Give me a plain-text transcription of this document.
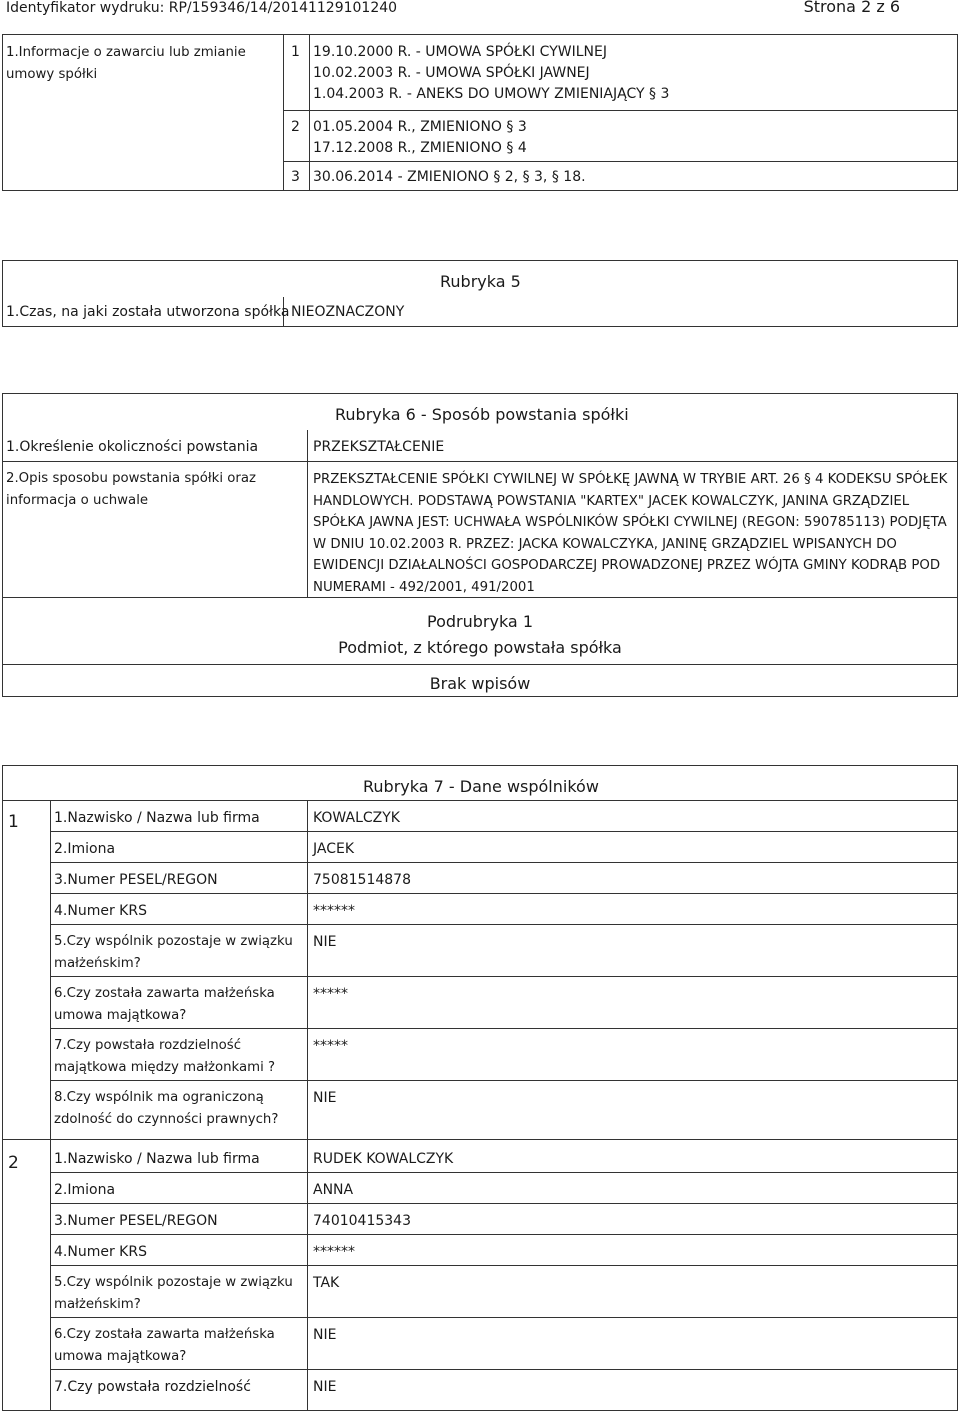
Identyfikator wydruku: RP/159346/14/20141129101240	Strona 2 z 6
1.Informacje o zawarciu lub zmianie umowy spółki
1 19.10.2000 R. - UMOWA SPÓŁKI CYWILNEJ
10.02.2003 R. - UMOWA SPÓŁKI JAWNEJ
1.04.2003 R. - ANEKS DO UMOWY ZMIENIAJĄCY § 3
2 01.05.2004 R., ZMIENIONO § 3
17.12.2008 R., ZMIENIONO § 4
3 30.06.2014 - ZMIENIONO § 2, § 3, § 18.
Rubryka 5
1.Czas, na jaki została utworzona spółka NIEOZNACZONY
Rubryka 6 - Sposób powstania spółki
1.Określenie okoliczności powstania	PRZEKSZTAŁCENIE
2.Opis sposobu powstania spółki oraz informacja o uchwale
PRZEKSZTAŁCENIE SPÓŁKI CYWILNEJ W SPÓŁKĘ JAWNĄ W TRYBIE ART. 26 § 4 KODEKSU SPÓŁEK HANDLOWYCH. PODSTAWĄ POWSTANIA "KARTEX" JACEK KOWALCZYK, JANINA GRZĄDZIEL SPÓŁKA JAWNA JEST: UCHWAŁA WSPÓLNIKÓW SPÓŁKI CYWILNEJ (REGON: 590785113) PODJĘTA W DNIU 10.02.2003 R. PRZEZ: JACKA KOWALCZYKA, JANINĘ GRZĄDZIEL WPISANYCH DO EWIDENCJI DZIAŁALNOŚCI GOSPODARCZEJ PROWADZONEJ PRZEZ WÓJTA GMINY KODRĄB POD NUMERAMI - 492/2001, 491/2001
Podrubryka 1
Podmiot, z którego powstała spółka
Brak wpisów
Rubryka 7 - Dane wspólników
1	1.Nazwisko / Nazwa lub firma	KOWALCZYK
2.Imiona	JACEK
3.Numer PESEL/REGON	75081514878
4.Numer KRS	******
5.Czy wspólnik pozostaje w związku małżeńskim?
NIE
6.Czy została zawarta małżeńska umowa majątkowa?
*****
7.Czy powstała rozdzielność majątkowa między małżonkami ?
*****
8.Czy wspólnik ma ograniczoną zdolność do czynności prawnych?
NIE
2	1.Nazwisko / Nazwa lub firma	RUDEK KOWALCZYK
2.Imiona	ANNA
3.Numer PESEL/REGON	74010415343
4.Numer KRS	******
5.Czy wspólnik pozostaje w związku małżeńskim?
TAK
6.Czy została zawarta małżeńska umowa majątkowa?
NIE
7.Czy powstała rozdzielność	NIE
